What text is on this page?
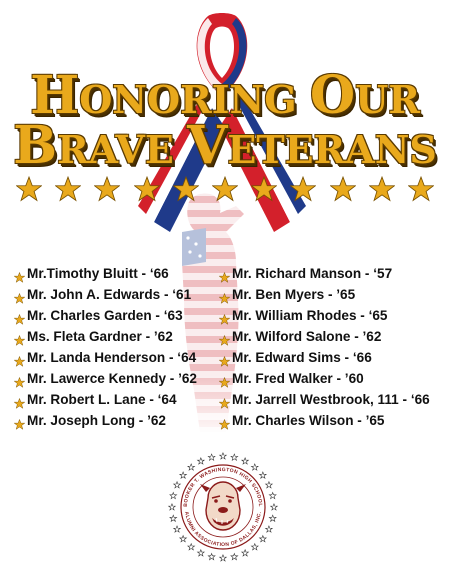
HONORING OUR
BRAVE VETERANS
Mr.Timothy Bluitt - ‘66
Mr. John A. Edwards - ‘61
Mr. Charles Garden - ‘63
Ms. Fleta Gardner - ’62
Mr. Landa Henderson - ‘64
Mr. Lawerce Kennedy - ’62
Mr. Robert L. Lane - ‘64
Mr. Joseph Long - ’62
Mr. Richard Manson - ‘57
Mr. Ben Myers - ’65
Mr. William Rhodes - ‘65
Mr. Wilford Salone - ’62
Mr. Edward Sims - ‘66
Mr. Fred Walker - ’60
Mr. Jarrell Westbrook, 111 - ‘66
Mr. Charles Wilson - ’65
BOOKER T. WASHINGTON HIGH SCHOOL
ALUMNI ASSOCIATION OF DALLAS, INC.
